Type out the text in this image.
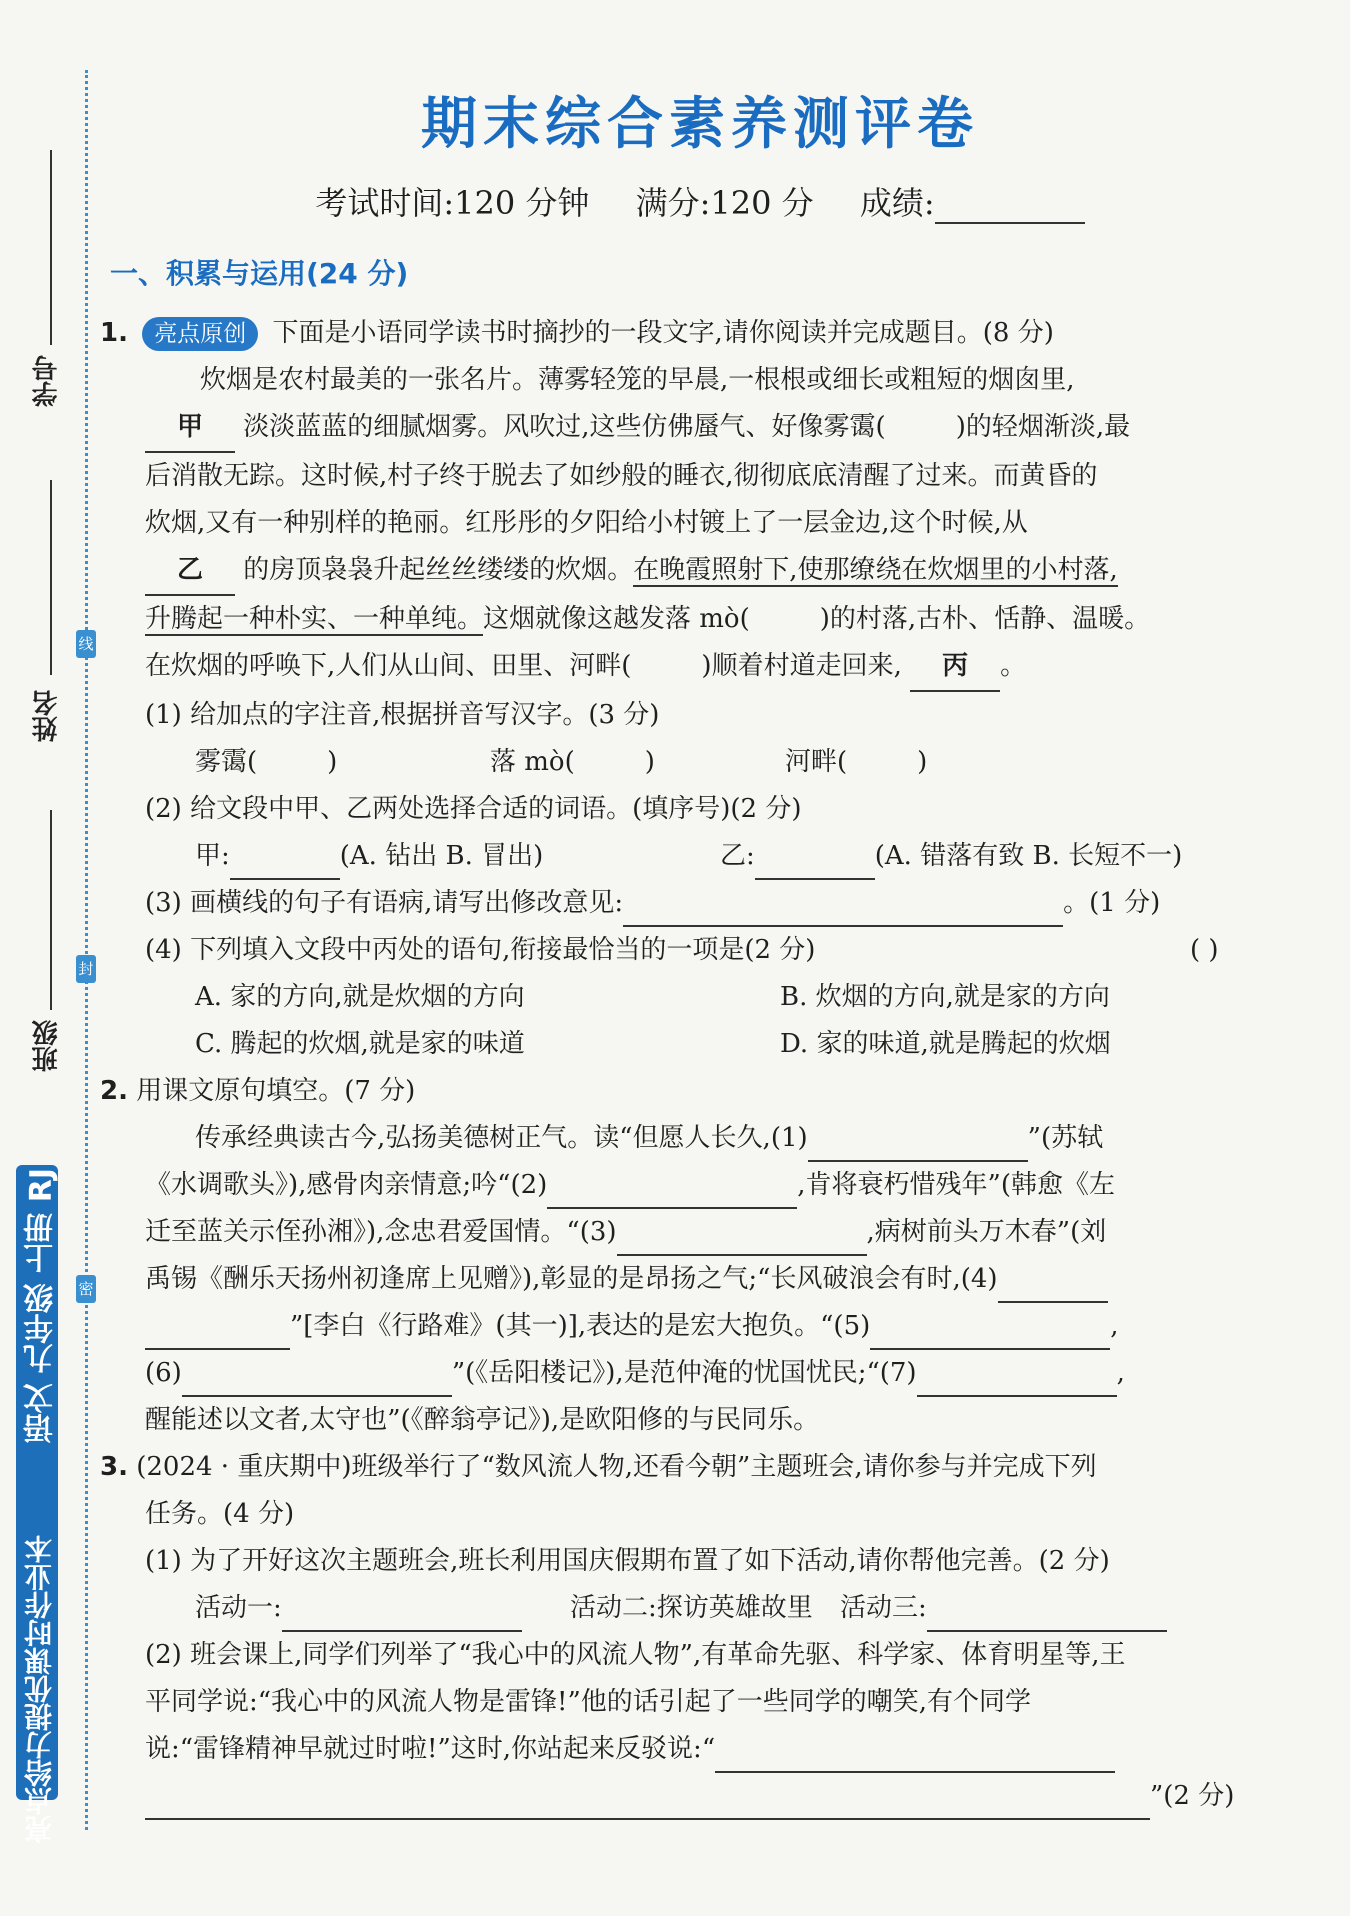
学号
姓名
班级
线
封
密
语文 九年级 上册 RJ
亮点给力提优课时作业本
期末综合素养测评卷
考试时间:120 分钟 满分:120 分 成绩:
一、积累与运用(24 分)
1. 亮点原创 下面是小语同学读书时摘抄的一段文字,请你阅读并完成题目。(8 分)
炊烟是农村最美的一张名片。薄雾轻笼的早晨,一根根或细长或粗短的烟囱里,
甲 淡淡蓝蓝的细腻烟雾。风吹过,这些仿佛蜃气、好像雾霭(	)的轻烟渐淡,最
后消散无踪。这时候,村子终于脱去了如纱般的睡衣,彻彻底底清醒了过来。而黄昏的
炊烟,又有一种别样的艳丽。红彤彤的夕阳给小村镀上了一层金边,这个时候,从
乙 的房顶袅袅升起丝丝缕缕的炊烟。在晚霞照射下,使那缭绕在炊烟里的小村落,
升腾起一种朴实、一种单纯。这烟就像这越发落 mò(	)的村落,古朴、恬静、温暖。
在炊烟的呼唤下,人们从山间、田里、河畔(	)顺着村道走回来, 丙 。
(1) 给加点的字注音,根据拼音写汉字。(3 分)
雾霭(	)	落 mò(	)	河畔(	)
(2) 给文段中甲、乙两处选择合适的词语。(填序号)(2 分)
甲:	(A. 钻出 B. 冒出)	乙:	(A. 错落有致 B. 长短不一)
(3) 画横线的句子有语病,请写出修改意见:	。(1 分)
(4) 下列填入文段中丙处的语句,衔接最恰当的一项是(2 分)	( )
A. 家的方向,就是炊烟的方向	B. 炊烟的方向,就是家的方向
C. 腾起的炊烟,就是家的味道	D. 家的味道,就是腾起的炊烟
2. 用课文原句填空。(7 分)
传承经典读古今,弘扬美德树正气。读“但愿人长久,(1)	”(苏轼
《水调歌头》),感骨肉亲情意;吟“(2)	,肯将衰朽惜残年”(韩愈《左
迁至蓝关示侄孙湘》),念忠君爱国情。“(3)	,病树前头万木春”(刘
禹锡《酬乐天扬州初逢席上见赠》),彰显的是昂扬之气;“长风破浪会有时,(4)
”[李白《行路难》(其一)],表达的是宏大抱负。“(5)	,
(6)	”(《岳阳楼记》),是范仲淹的忧国忧民;“(7)	,
醒能述以文者,太守也”(《醉翁亭记》),是欧阳修的与民同乐。
3. (2024 · 重庆期中)班级举行了“数风流人物,还看今朝”主题班会,请你参与并完成下列
任务。(4 分)
(1) 为了开好这次主题班会,班长利用国庆假期布置了如下活动,请你帮他完善。(2 分)
活动一:	活动二:探访英雄故里 活动三:
(2) 班会课上,同学们列举了“我心中的风流人物”,有革命先驱、科学家、体育明星等,王
平同学说:“我心中的风流人物是雷锋!”他的话引起了一些同学的嘲笑,有个同学
说:“雷锋精神早就过时啦!”这时,你站起来反驳说:“
”(2 分)
